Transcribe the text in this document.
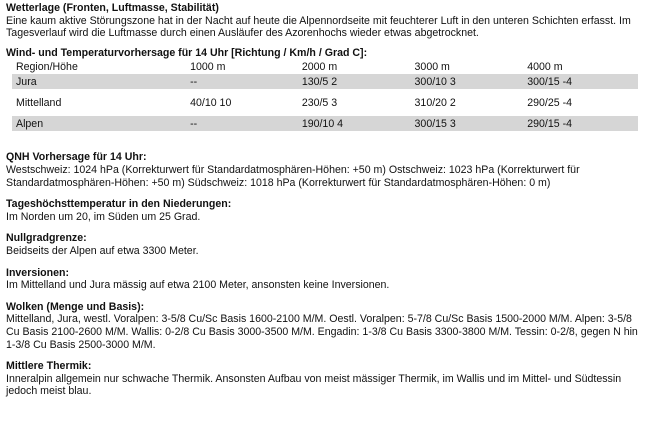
Wetterlage (Fronten, Luftmasse, Stabilität)
Eine kaum aktive Störungszone hat in der Nacht auf heute die Alpennordseite mit feuchterer Luft in den unteren Schichten erfasst. Im Tagesverlauf wird die Luftmasse durch einen Ausläufer des Azorenhochs wieder etwas abgetrocknet.
Wind- und Temperaturvorhersage für 14 Uhr [Richtung / Km/h / Grad C]:
Region/Höhe	1000 m	2000 m	3000 m	4000 m
Jura	--	130/5 2	300/10 3	300/15 -4

Mittelland	40/10 10	230/5 3	310/20 2	290/25 -4

Alpen	--	190/10 4	300/15 3	290/15 -4
QNH Vorhersage für 14 Uhr:
Westschweiz: 1024 hPa (Korrekturwert für Standardatmosphären-Höhen: +50 m) Ostschweiz: 1023 hPa (Korrekturwert für Standardatmosphären-Höhen: +50 m) Südschweiz: 1018 hPa (Korrekturwert für Standardatmosphären-Höhen: 0 m)
Tageshöchsttemperatur in den Niederungen:
Im Norden um 20, im Süden um 25 Grad.
Nullgradgrenze:
Beidseits der Alpen auf etwa 3300 Meter.
Inversionen:
Im Mittelland und Jura mässig auf etwa 2100 Meter, ansonsten keine Inversionen.
Wolken (Menge und Basis):
Mittelland, Jura, westl. Voralpen: 3-5/8 Cu/Sc Basis 1600-2100 M/M. Oestl. Voralpen: 5-7/8 Cu/Sc Basis 1500-2000 M/M. Alpen: 3-5/8 Cu Basis 2100-2600 M/M. Wallis: 0-2/8 Cu Basis 3000-3500 M/M. Engadin: 1-3/8 Cu Basis 3300-3800 M/M. Tessin: 0-2/8, gegen N hin 1-3/8 Cu Basis 2500-3000 M/M.
Mittlere Thermik:
Inneralpin allgemein nur schwache Thermik. Ansonsten Aufbau von meist mässiger Thermik, im Wallis und im Mittel- und Südtessin jedoch meist blau.
